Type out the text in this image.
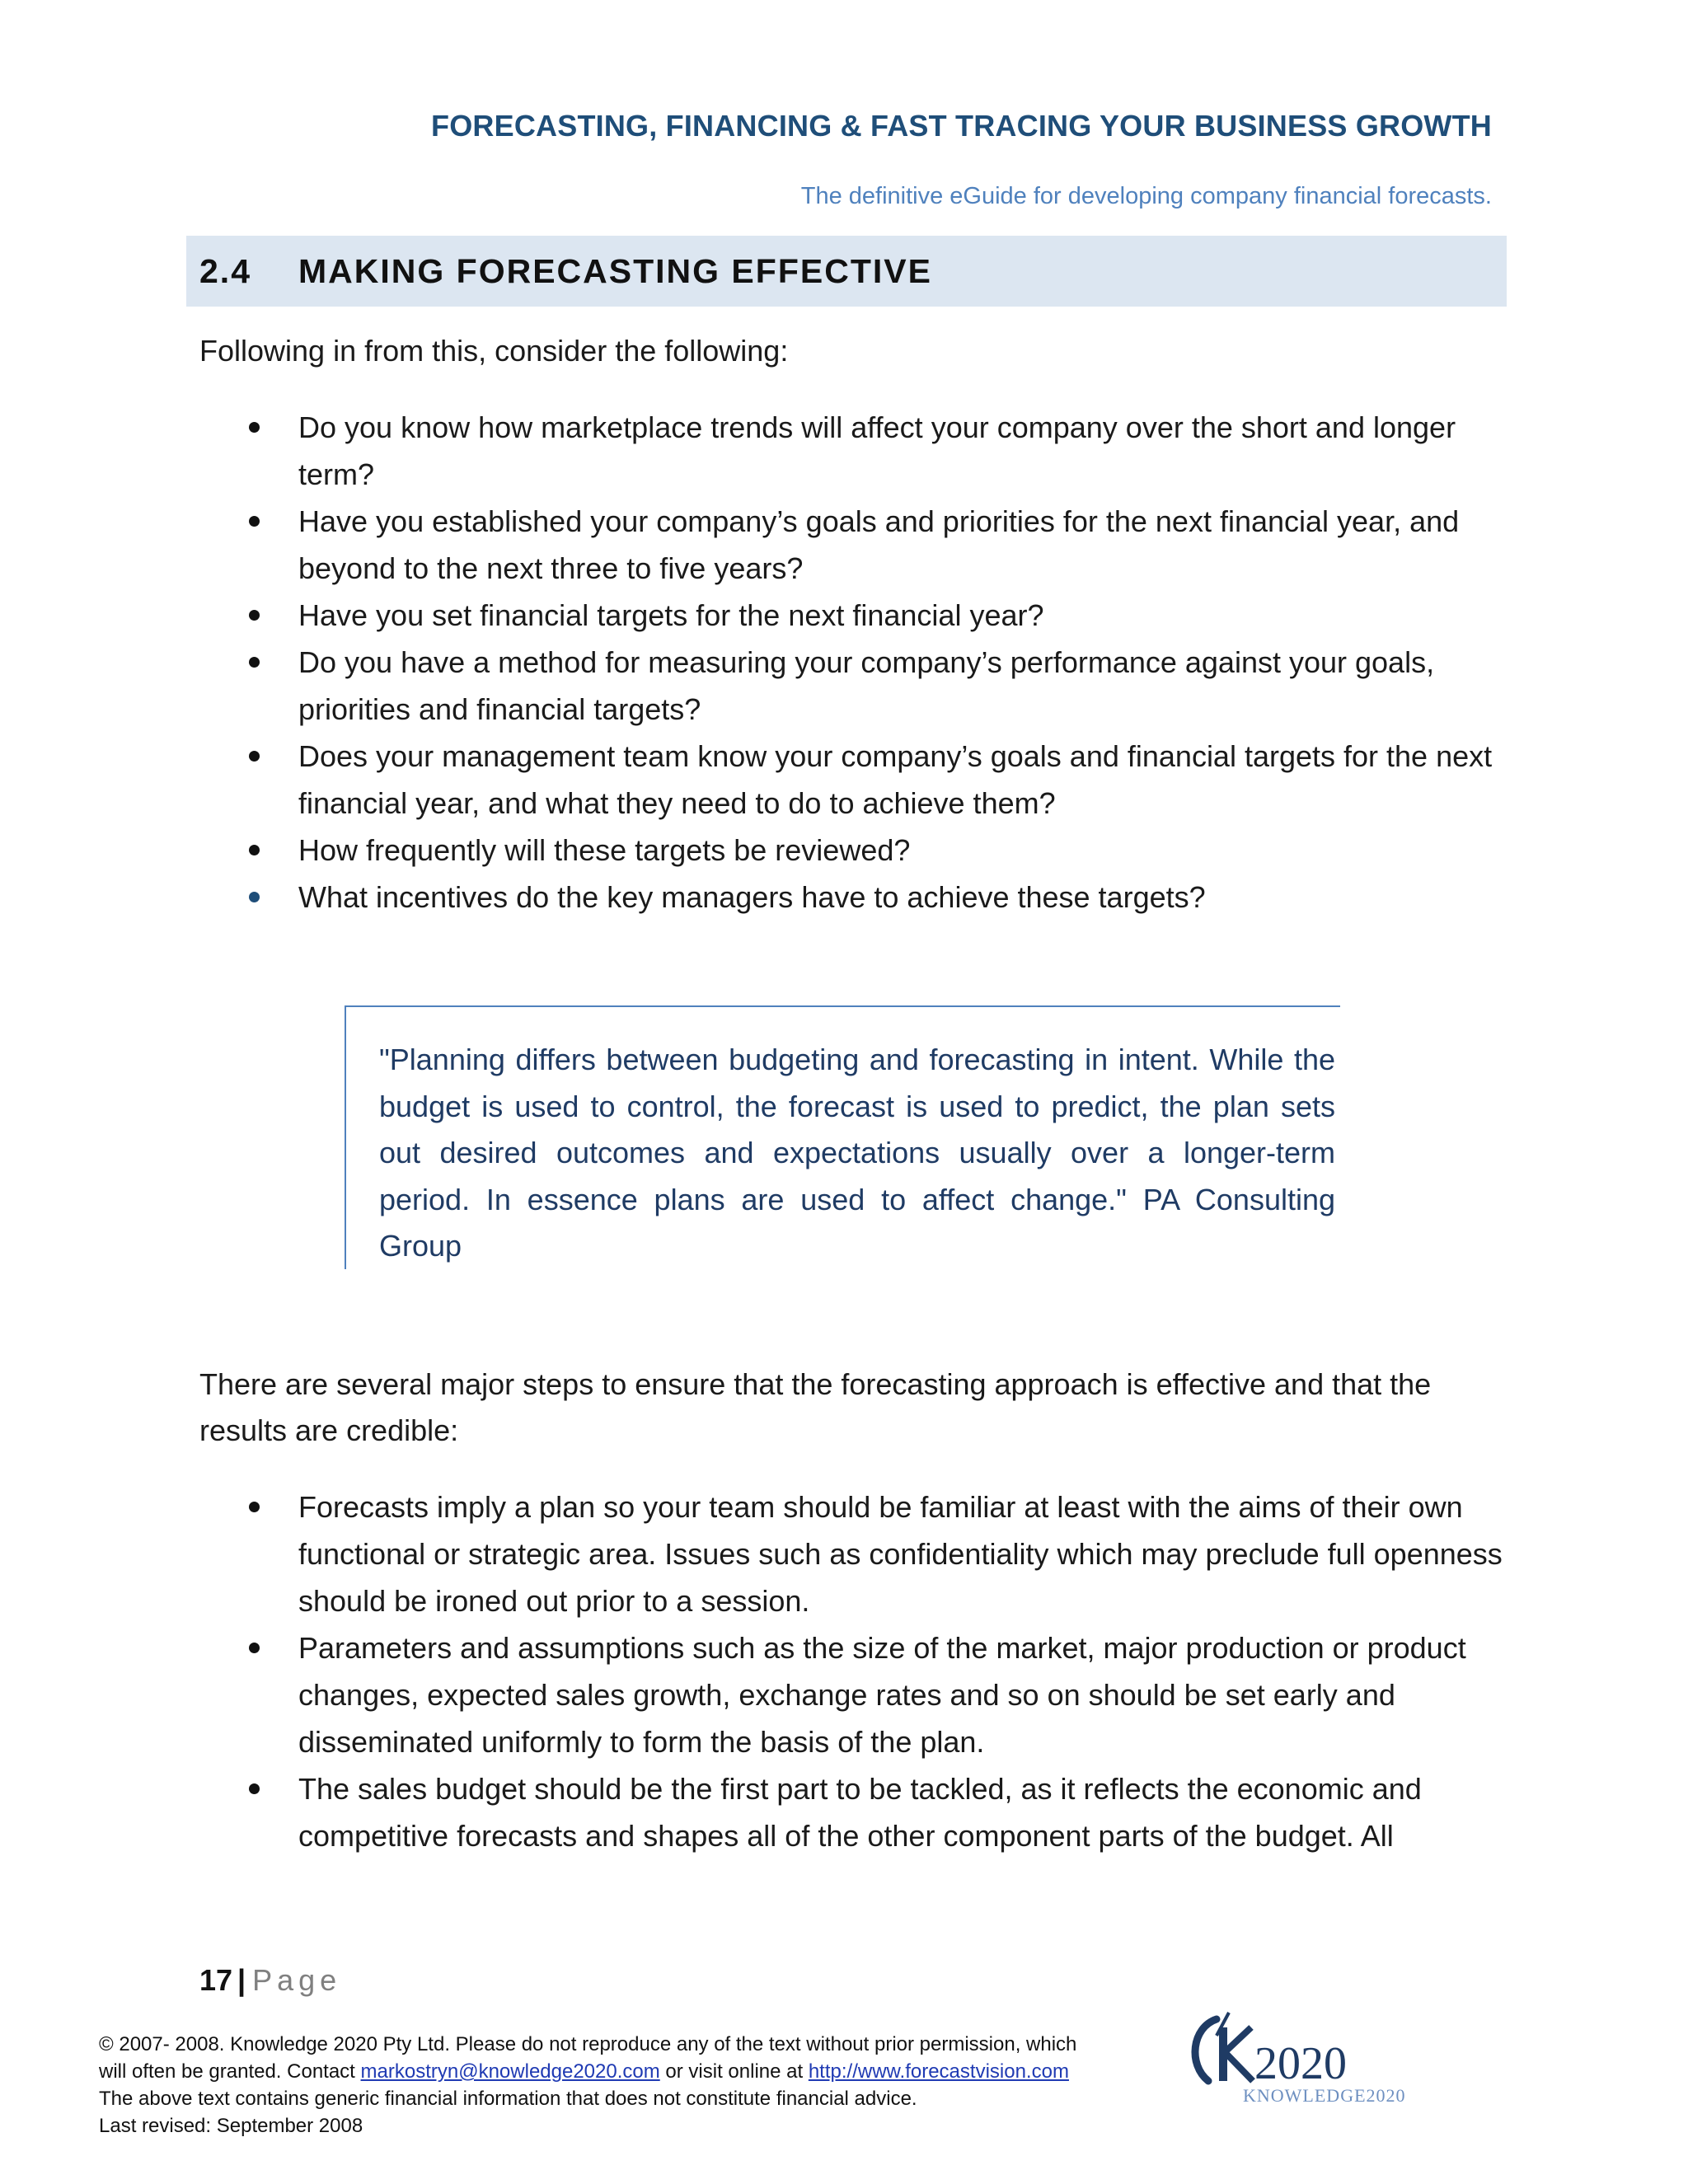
FORECASTING, FINANCING & FAST TRACING YOUR BUSINESS GROWTH
The definitive eGuide for developing company financial forecasts.
2.4 MAKING FORECASTING EFFECTIVE

Following in from this, consider the following:

Do you know how marketplace trends will affect your company over the short and longer term?
Have you established your company’s goals and priorities for the next financial year, and beyond to the next three to five years?
Have you set financial targets for the next financial year?
Do you have a method for measuring your company’s performance against your goals, priorities and financial targets?
Does your management team know your company’s goals and financial targets for the next financial year, and what they need to do to achieve them?
How frequently will these targets be reviewed?
What incentives do the key managers have to achieve these targets?

"Planning differs between budgeting and forecasting in intent. While the budget is used to control, the forecast is used to predict, the plan sets out desired outcomes and expectations usually over a longer-term period. In essence plans are used to affect change." PA Consulting Group

There are several major steps to ensure that the forecasting approach is effective and that the results are credible:

Forecasts imply a plan so your team should be familiar at least with the aims of their own functional or strategic area. Issues such as confidentiality which may preclude full openness should be ironed out prior to a session.
Parameters and assumptions such as the size of the market, major production or product changes, expected sales growth, exchange rates and so on should be set early and disseminated uniformly to form the basis of the plan.
The sales budget should be the first part to be tackled, as it reflects the economic and competitive forecasts and shapes all of the other component parts of the budget. All
17 | Page
© 2007- 2008. Knowledge 2020 Pty Ltd. Please do not reproduce any of the text without prior permission, which
will often be granted. Contact markostryn@knowledge2020.com or visit online at http://www.forecastvision.com
The above text contains generic financial information that does not constitute financial advice.
Last revised: September 2008
2020
KNOWLEDGE2020
